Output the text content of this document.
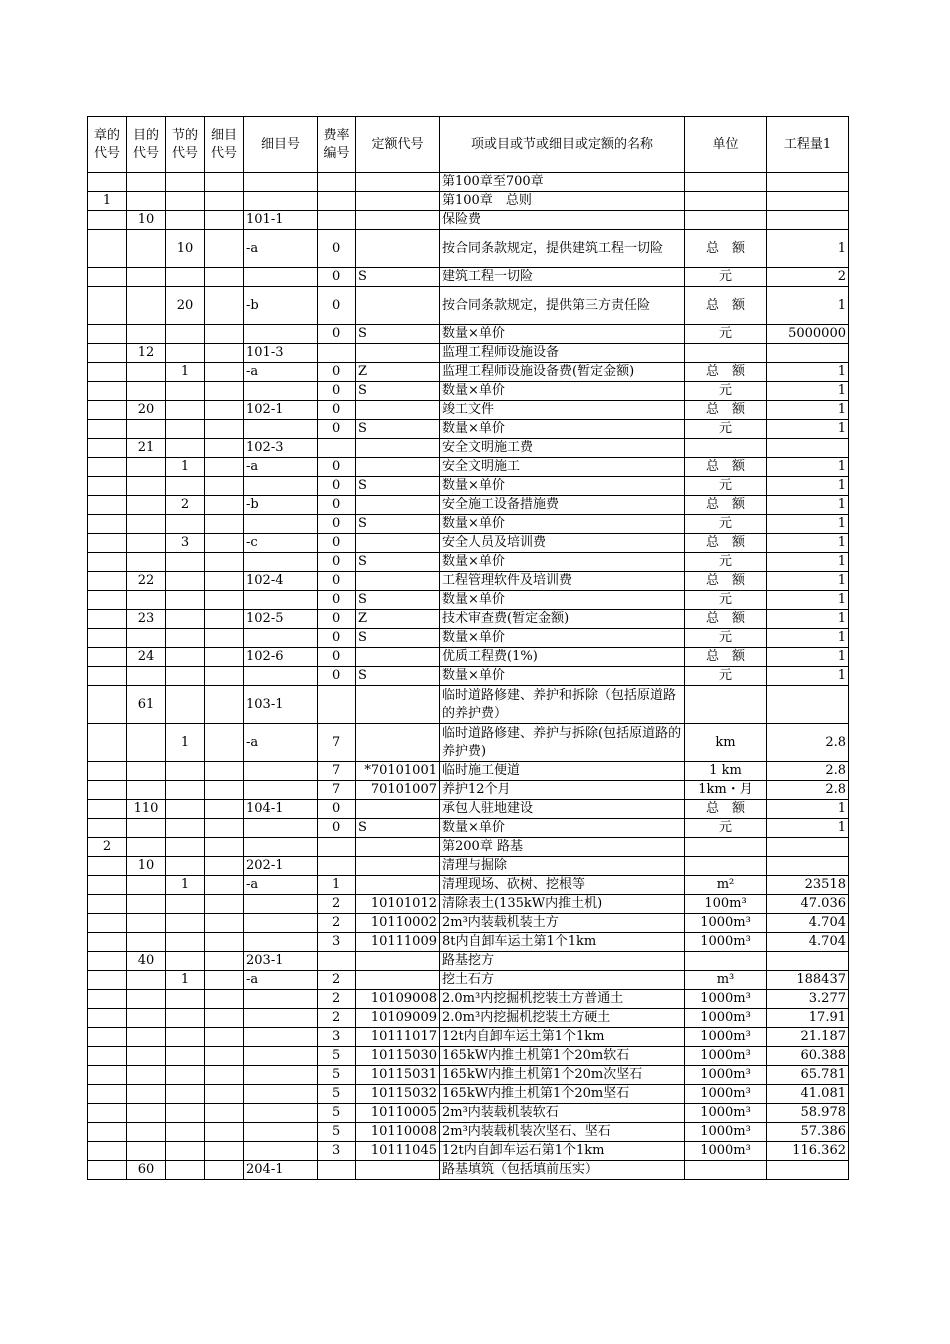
章的代号	目的代号	节的代号	细目代号	细目号	费率编号	定额代号	项或目或节或细目或定额的名称	单位	工程量1
							第100章至700章		
1							第100章　总则		
	10			101-1			保险费		
		10		-a	0		按合同条款规定，提供建筑工程一切险	总　额	1
					0	S	建筑工程一切险	元	2
		20		-b	0		按合同条款规定，提供第三方责任险	总　额	1
					0	S	数量×单价	元	5000000
	12			101-3			监理工程师设施设备		
		1		-a	0	Z	监理工程师设施设备费(暂定金额)	总　额	1
					0	S	数量×单价	元	1
	20			102-1	0		竣工文件	总　额	1
					0	S	数量×单价	元	1
	21			102-3			安全文明施工费		
		1		-a	0		安全文明施工	总　额	1
					0	S	数量×单价	元	1
		2		-b	0		安全施工设备措施费	总　额	1
					0	S	数量×单价	元	1
		3		-c	0		安全人员及培训费	总　额	1
					0	S	数量×单价	元	1
	22			102-4	0		工程管理软件及培训费	总　额	1
					0	S	数量×单价	元	1
	23			102-5	0	Z	技术审查费(暂定金额)	总　额	1
					0	S	数量×单价	元	1
	24			102-6	0		优质工程费(1%)	总　额	1
					0	S	数量×单价	元	1
	61			103-1			临时道路修建、养护和拆除（包括原道路的养护费）		
		1		-a	7		临时道路修建、养护与拆除(包括原道路的养护费)	km	2.8
					7	*70101001	临时施工便道	1 km	2.8
					7	70101007	养护12个月	1km・月	2.8
	110			104-1	0		承包人驻地建设	总　额	1
					0	S	数量×单价	元	1
2							第200章 路基		
	10			202-1			清理与掘除		
		1		-a	1		清理现场、砍树、挖根等	m²	23518
					2	10101012	清除表土(135kW内推土机)	100m³	47.036
					2	10110002	2m³内装载机装土方	1000m³	4.704
					3	10111009	8t内自卸车运土第1个1km	1000m³	4.704
	40			203-1			路基挖方		
		1		-a	2		挖土石方	m³	188437
					2	10109008	2.0m³内挖掘机挖装土方普通土	1000m³	3.277
					2	10109009	2.0m³内挖掘机挖装土方硬土	1000m³	17.91
					3	10111017	12t内自卸车运土第1个1km	1000m³	21.187
					5	10115030	165kW内推土机第1个20m软石	1000m³	60.388
					5	10115031	165kW内推土机第1个20m次坚石	1000m³	65.781
					5	10115032	165kW内推土机第1个20m坚石	1000m³	41.081
					5	10110005	2m³内装载机装软石	1000m³	58.978
					5	10110008	2m³内装载机装次坚石、坚石	1000m³	57.386
					3	10111045	12t内自卸车运石第1个1km	1000m³	116.362
	60			204-1			路基填筑（包括填前压实）		
